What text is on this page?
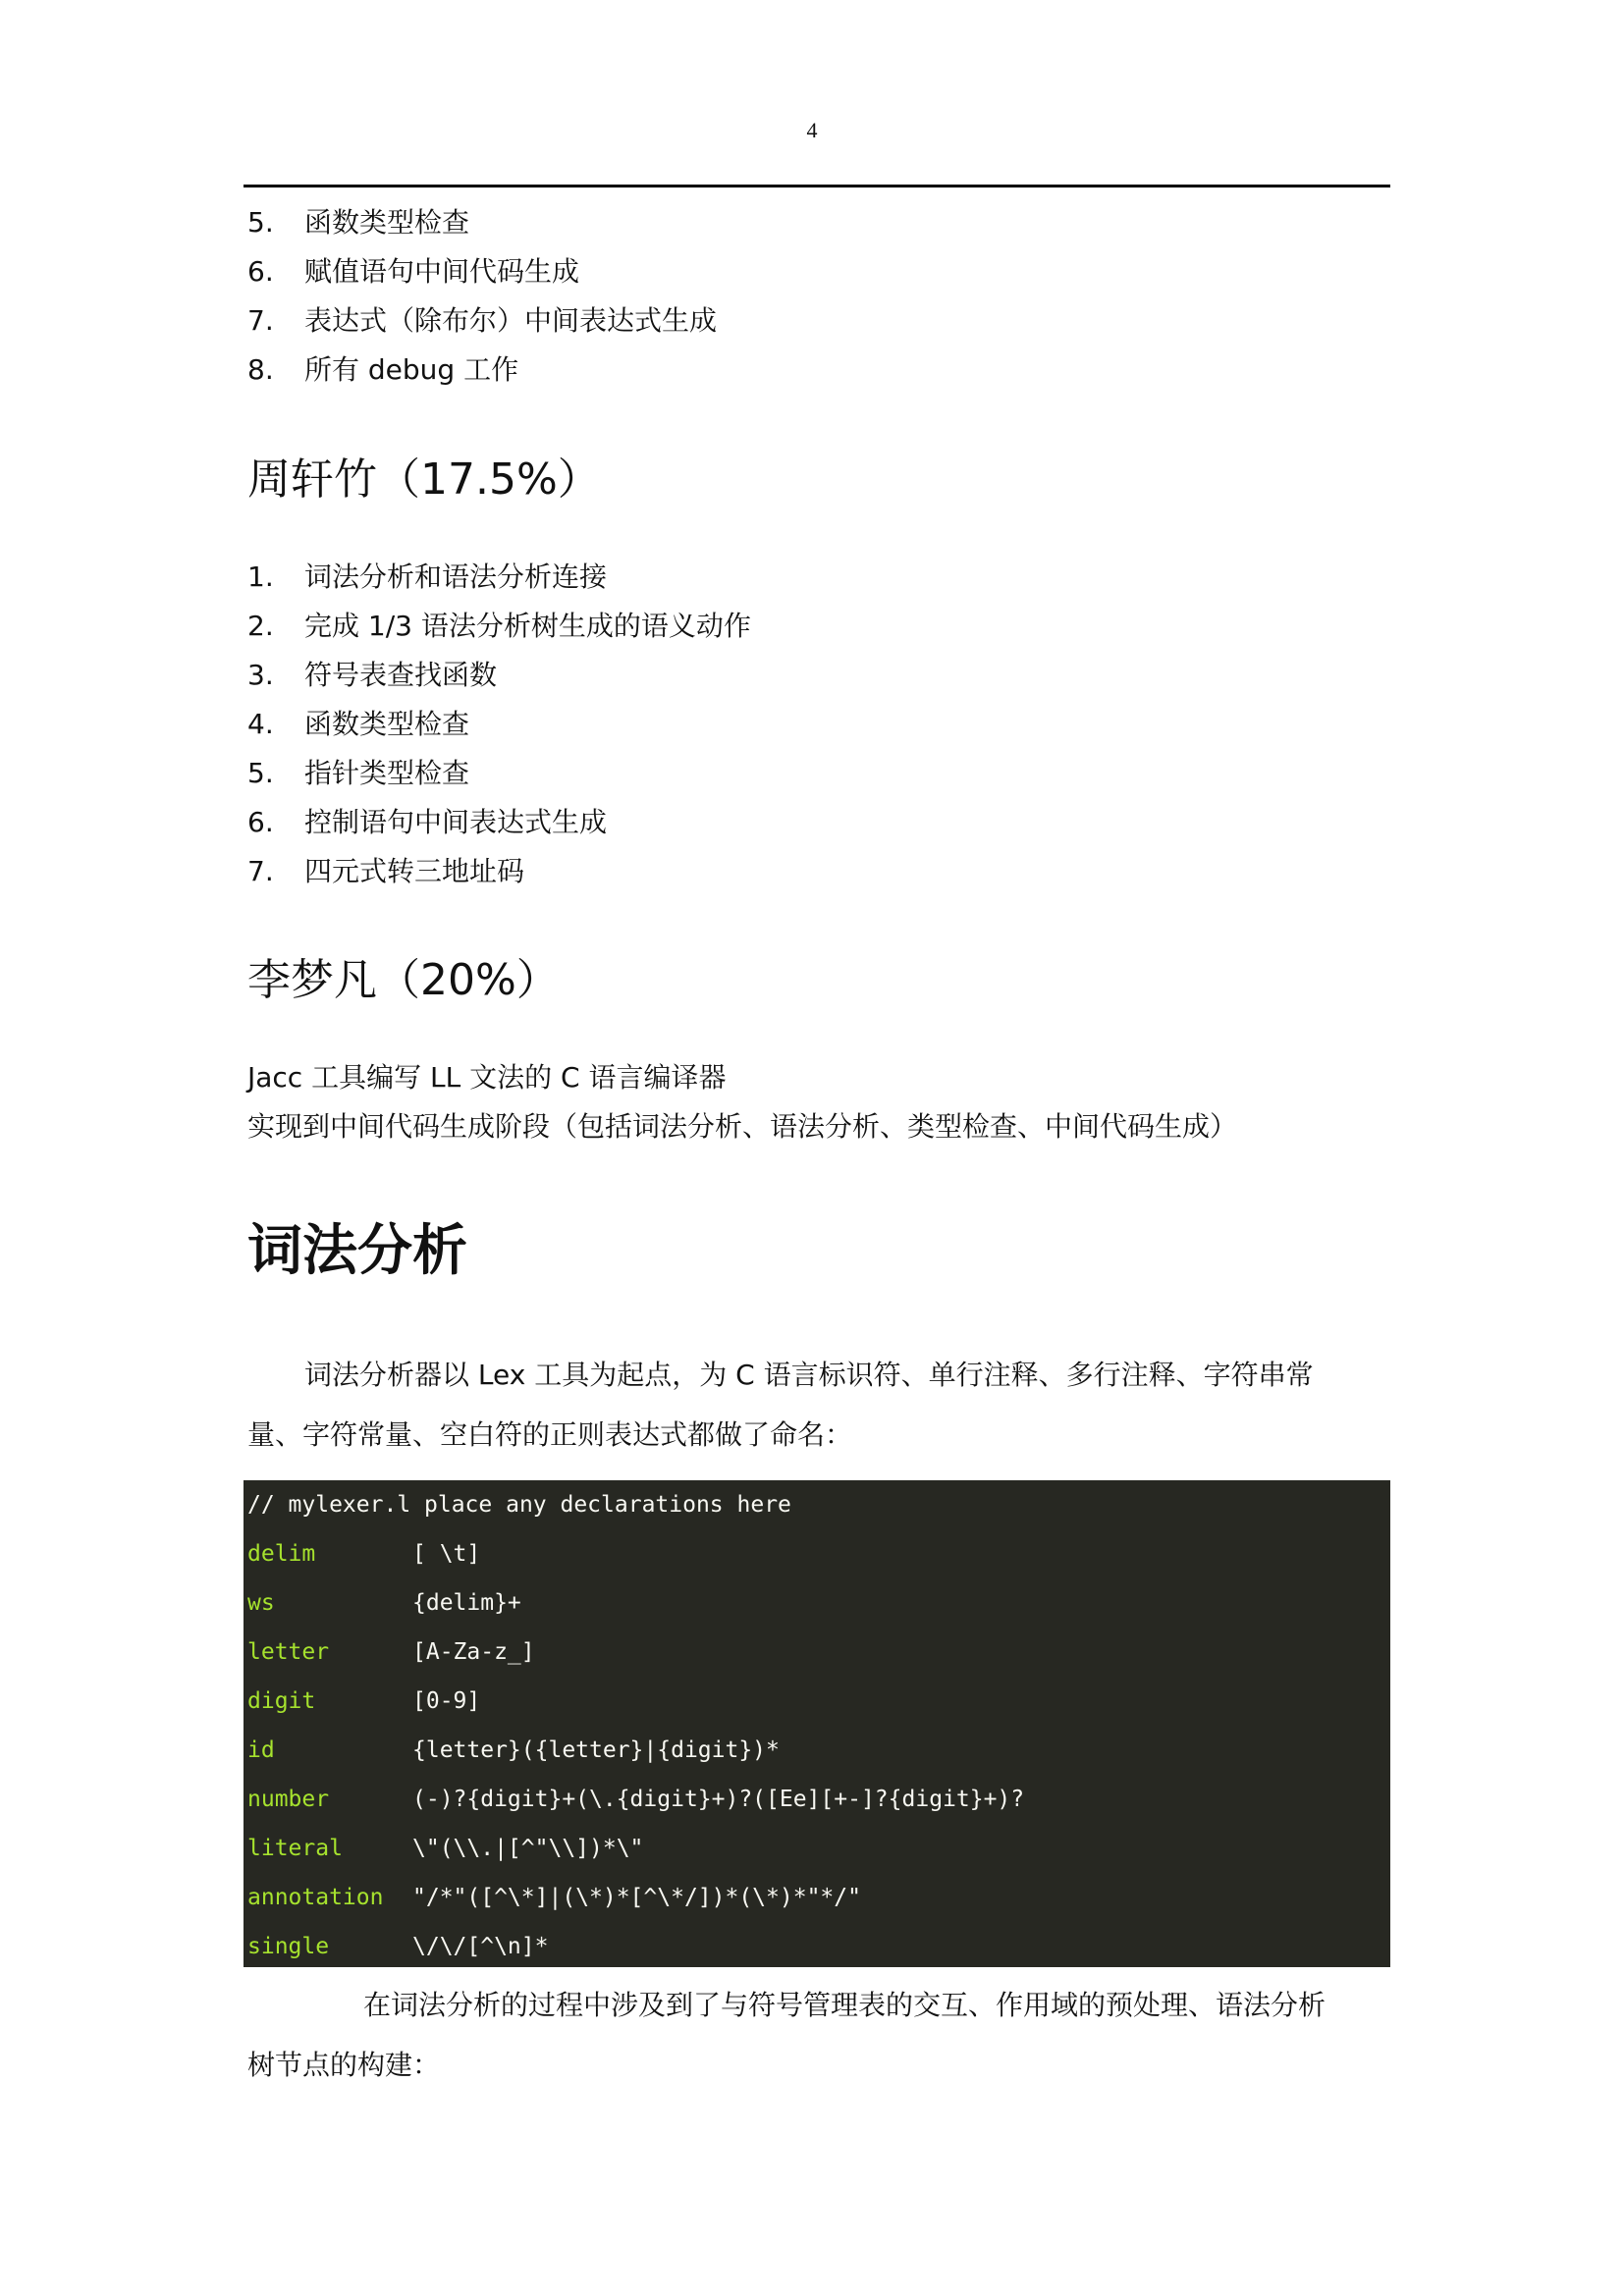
4
5. 函数类型检查
6. 赋值语句中间代码生成
7. 表达式（除布尔）中间表达式生成
8. 所有 debug 工作
周轩竹（17.5%）
1. 词法分析和语法分析连接
2. 完成 1/3 语法分析树生成的语义动作
3. 符号表查找函数
4. 函数类型检查
5. 指针类型检查
6. 控制语句中间表达式生成
7. 四元式转三地址码
李梦凡（20%）

Jacc 工具编写 LL 文法的 C 语言编译器

实现到中间代码生成阶段（包括词法分析、语法分析、类型检查、中间代码生成）

词法分析

词法分析器以 Lex 工具为起点，为 C 语言标识符、单行注释、多行注释、字符串常
量、字符常量、空白符的正则表达式都做了命名：

// mylexer.l place any declarations here
delim	[ \t]
ws	{delim}+
letter	[A-Za-z_]
digit	[0-9]
id	{letter}({letter}|{digit})*
number	(-)?{digit}+(\.{digit}+)?([Ee][+-]?{digit}+)?
literal	\"(\\.|[^"\\])*\"
annotation "/*"([^\*]|(\*)*[^\*/])*(\*)*"*/"
single	\/\/[^\n]*

在词法分析的过程中涉及到了与符号管理表的交互、作用域的预处理、语法分析
树节点的构建：
